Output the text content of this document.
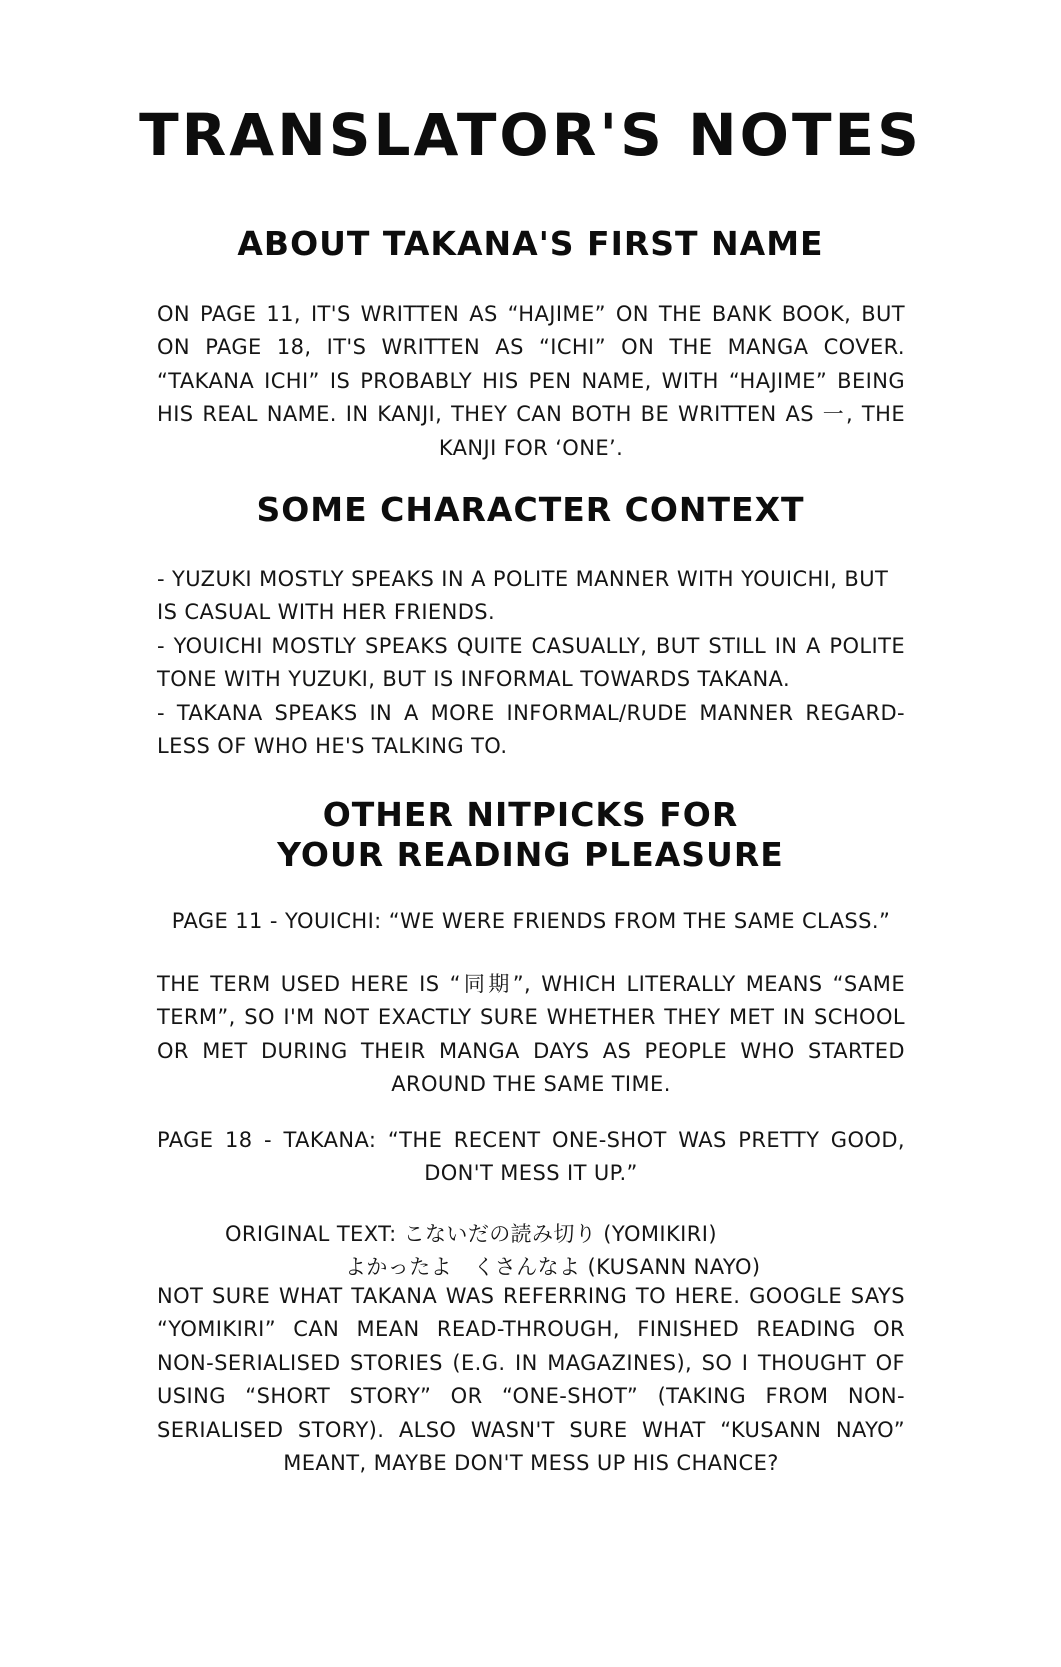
TRANSLATOR'S NOTES
ABOUT TAKANA'S FIRST NAME
ON PAGE 11, IT'S WRITTEN AS “HAJIME” ON THE BANK BOOK, BUT ON PAGE 18, IT'S WRITTEN AS “ICHI” ON THE MANGA COVER. “TAKANA ICHI” IS PROBABLY HIS PEN NAME, WITH “HAJIME” BEING HIS REAL NAME. IN KANJI, THEY CAN BOTH BE WRITTEN AS 一, THE KANJI FOR ‘ONE’.
SOME CHARACTER CONTEXT
- YUZUKI MOSTLY SPEAKS IN A POLITE MANNER WITH YOUICHI, BUT IS CASUAL WITH HER FRIENDS.
- YOUICHI MOSTLY SPEAKS QUITE CASUALLY, BUT STILL IN A POLITE TONE WITH YUZUKI, BUT IS INFORMAL TOWARDS TAKANA.
- TAKANA SPEAKS IN A MORE INFORMAL/RUDE MANNER REGARD-LESS OF WHO HE'S TALKING TO.
OTHER NITPICKS FOR
YOUR READING PLEASURE
PAGE 11 - YOUICHI: “WE WERE FRIENDS FROM THE SAME CLASS.”
THE TERM USED HERE IS “同期”, WHICH LITERALLY MEANS “SAME TERM”, SO I'M NOT EXACTLY SURE WHETHER THEY MET IN SCHOOL OR MET DURING THEIR MANGA DAYS AS PEOPLE WHO STARTED AROUND THE SAME TIME.
PAGE 18 - TAKANA: “THE RECENT ONE-SHOT WAS PRETTY GOOD, DON'T MESS IT UP.”
ORIGINAL TEXT: こないだの読み切り (YOMIKIRI)
よかったよ　くさんなよ (KUSANN NAYO)
NOT SURE WHAT TAKANA WAS REFERRING TO HERE. GOOGLE SAYS “YOMIKIRI” CAN MEAN READ-THROUGH, FINISHED READING OR NON-SERIALISED STORIES (E.G. IN MAGAZINES), SO I THOUGHT OF USING “SHORT STORY” OR “ONE-SHOT” (TAKING FROM NON-SERIALISED STORY). ALSO WASN'T SURE WHAT “KUSANN NAYO” MEANT, MAYBE DON'T MESS UP HIS CHANCE?
